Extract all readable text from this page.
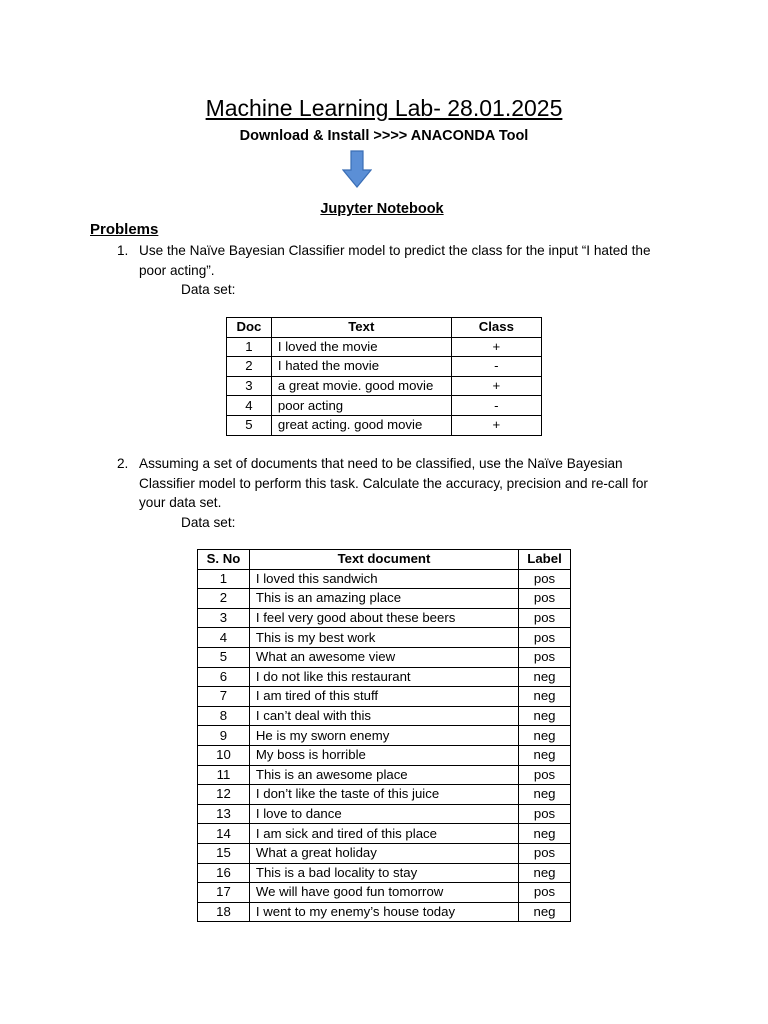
Machine Learning Lab- 28.01.2025
Download & Install >>>> ANACONDA Tool
Jupyter Notebook
Problems
1. Use the Naïve Bayesian Classifier model to predict the class for the input “I hated the poor acting”.
Data set:
Doc	Text	Class
1	I loved the movie	+
2	I hated the movie	-
3	a great movie. good movie	+
4	poor acting	-
5	great acting. good movie	+
2. Assuming a set of documents that need to be classified, use the Naïve Bayesian Classifier model to perform this task. Calculate the accuracy, precision and re-call for your data set.
Data set:
S. No	Text document	Label
1	I loved this sandwich	pos
2	This is an amazing place	pos
3	I feel very good about these beers	pos
4	This is my best work	pos
5	What an awesome view	pos
6	I do not like this restaurant	neg
7	I am tired of this stuff	neg
8	I can’t deal with this	neg
9	He is my sworn enemy	neg
10	My boss is horrible	neg
11	This is an awesome place	pos
12	I don’t like the taste of this juice	neg
13	I love to dance	pos
14	I am sick and tired of this place	neg
15	What a great holiday	pos
16	This is a bad locality to stay	neg
17	We will have good fun tomorrow	pos
18	I went to my enemy’s house today	neg
